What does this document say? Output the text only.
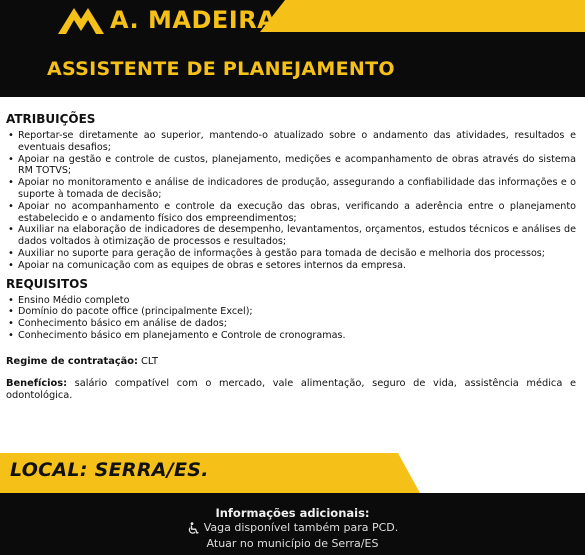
A. MADEIRA
ASSISTENTE DE PLANEJAMENTO
ATRIBUIÇÕES
• Reportar-se diretamente ao superior, mantendo-o atualizado sobre o andamento das atividades, resultados e eventuais desafios;
• Apoiar na gestão e controle de custos, planejamento, medições e acompanhamento de obras através do sistema RM TOTVS;
• Apoiar no monitoramento e análise de indicadores de produção, assegurando a confiabilidade das informações e o suporte à tomada de decisão;
• Apoiar no acompanhamento e controle da execução das obras, verificando a aderência entre o planejamento estabelecido e o andamento físico dos empreendimentos;
• Auxiliar na elaboração de indicadores de desempenho, levantamentos, orçamentos, estudos técnicos e análises de dados voltados à otimização de processos e resultados;
• Auxiliar no suporte para geração de informações à gestão para tomada de decisão e melhoria dos processos;
• Apoiar na comunicação com as equipes de obras e setores internos da empresa.
REQUISITOS
• Ensino Médio completo
• Domínio do pacote office (principalmente Excel);
• Conhecimento básico em análise de dados;
• Conhecimento básico em planejamento e Controle de cronogramas.
Regime de contratação: CLT
Benefícios: salário compatível com o mercado, vale alimentação, seguro de vida, assistência médica e odontológica.
LOCAL: SERRA/ES.
Informações adicionais:
Vaga disponível também para PCD.
Atuar no município de Serra/ES
